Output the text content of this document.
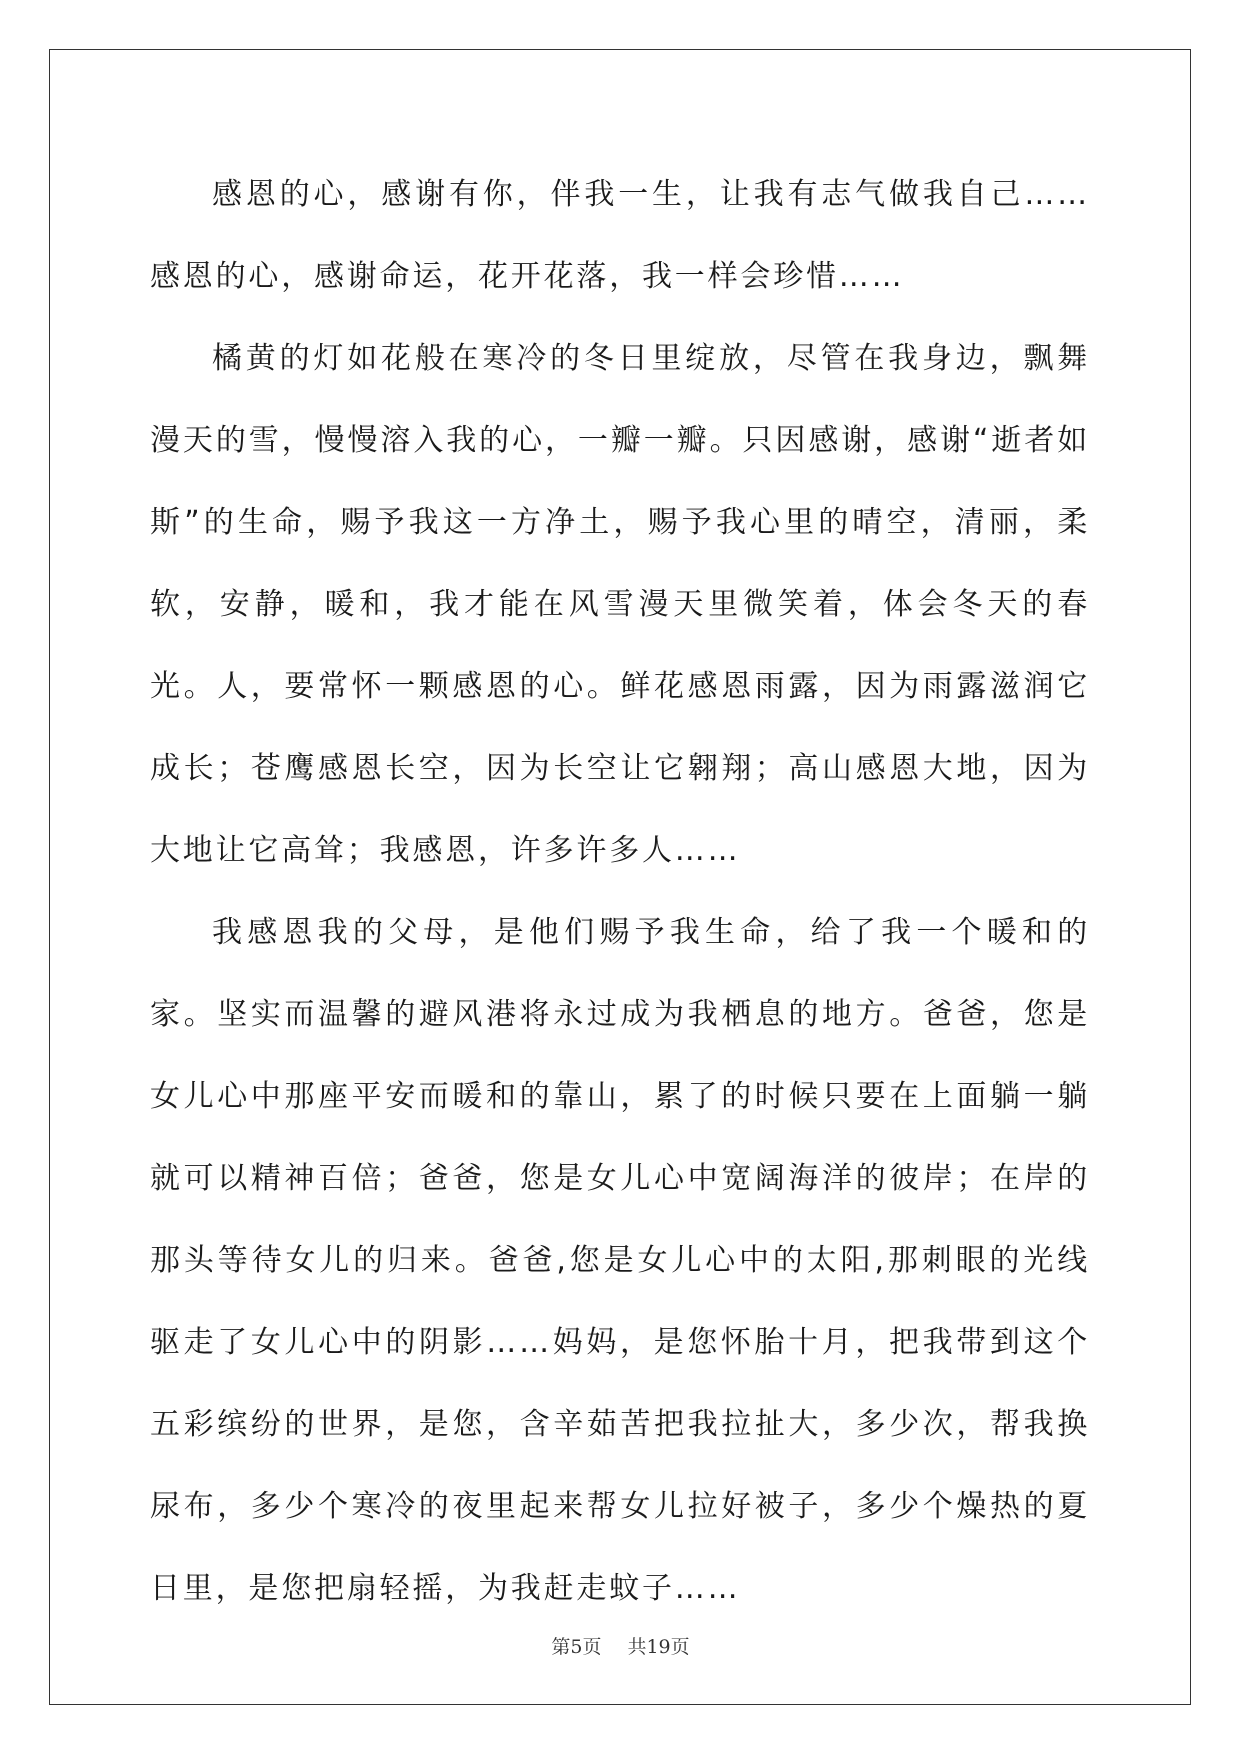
感恩的心，感谢有你，伴我一生，让我有志气做我自己……感恩的心，感谢命运，花开花落，我一样会珍惜……

橘黄的灯如花般在寒冷的冬日里绽放，尽管在我身边，飘舞漫天的雪，慢慢溶入我的心，一瓣一瓣。只因感谢，感谢“逝者如斯”的生命，赐予我这一方净土，赐予我心里的晴空，清丽，柔软，安静，暖和，我才能在风雪漫天里微笑着，体会冬天的春光。人，要常怀一颗感恩的心。鲜花感恩雨露，因为雨露滋润它成长；苍鹰感恩长空，因为长空让它翱翔；高山感恩大地，因为大地让它高耸；我感恩，许多许多人……

我感恩我的父母，是他们赐予我生命，给了我一个暖和的家。坚实而温馨的避风港将永过成为我栖息的地方。爸爸，您是女儿心中那座平安而暖和的靠山，累了的时候只要在上面躺一躺就可以精神百倍；爸爸，您是女儿心中宽阔海洋的彼岸；在岸的那头等待女儿的归来。爸爸,您是女儿心中的太阳,那刺眼的光线驱走了女儿心中的阴影……妈妈，是您怀胎十月，把我带到这个五彩缤纷的世界，是您，含辛茹苦把我拉扯大，多少次，帮我换尿布，多少个寒冷的夜里起来帮女儿拉好被子，多少个燥热的夏日里，是您把扇轻摇，为我赶走蚊子……

第5页 共19页
